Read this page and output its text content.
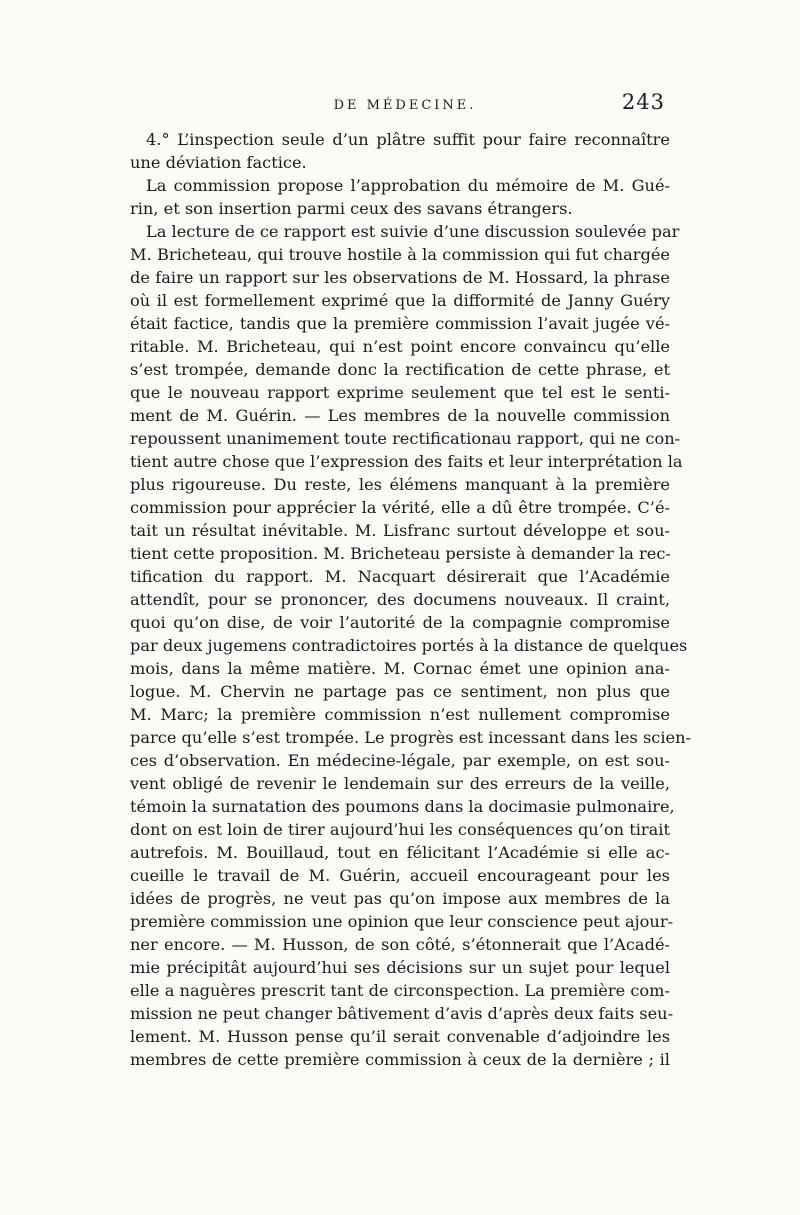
DE MÉDECINE.	243
4.° L’inspection seule d’un plâtre suffit pour faire reconnaître
une déviation factice.
La commission propose l’approbation du mémoire de M. Gué-
rin, et son insertion parmi ceux des savans étrangers.
La lecture de ce rapport est suivie d’une discussion soulevée par
M. Bricheteau, qui trouve hostile à la commission qui fut chargée
de faire un rapport sur les observations de M. Hossard, la phrase
où il est formellement exprimé que la difformité de Janny Guéry
était factice, tandis que la première commission l’avait jugée vé-
ritable. M. Bricheteau, qui n’est point encore convaincu qu’elle
s’est trompée, demande donc la rectification de cette phrase, et
que le nouveau rapport exprime seulement que tel est le senti-
ment de M. Guérin. — Les membres de la nouvelle commission
repoussent unanimement toute rectificationau rapport, qui ne con-
tient autre chose que l’expression des faits et leur interprétation la
plus rigoureuse. Du reste, les élémens manquant à la première
commission pour apprécier la vérité, elle a dû être trompée. C’é-
tait un résultat inévitable. M. Lisfranc surtout développe et sou-
tient cette proposition. M. Bricheteau persiste à demander la rec-
tification du rapport. M. Nacquart désirerait que l’Académie
attendît, pour se prononcer, des documens nouveaux. Il craint,
quoi qu’on dise, de voir l’autorité de la compagnie compromise
par deux jugemens contradictoires portés à la distance de quelques
mois, dans la même matière. M. Cornac émet une opinion ana-
logue. M. Chervin ne partage pas ce sentiment, non plus que
M. Marc; la première commission n’est nullement compromise
parce qu’elle s’est trompée. Le progrès est incessant dans les scien-
ces d’observation. En médecine-légale, par exemple, on est sou-
vent obligé de revenir le lendemain sur des erreurs de la veille,
témoin la surnatation des poumons dans la docimasie pulmonaire,
dont on est loin de tirer aujourd’hui les conséquences qu’on tirait
autrefois. M. Bouillaud, tout en félicitant l’Académie si elle ac-
cueille le travail de M. Guérin, accueil encourageant pour les
idées de progrès, ne veut pas qu’on impose aux membres de la
première commission une opinion que leur conscience peut ajour-
ner encore. — M. Husson, de son côté, s’étonnerait que l’Acadé-
mie précipitât aujourd’hui ses décisions sur un sujet pour lequel
elle a naguères prescrit tant de circonspection. La première com-
mission ne peut changer bâtivement d’avis d’après deux faits seu-
lement. M. Husson pense qu’il serait convenable d’adjoindre les
membres de cette première commission à ceux de la dernière ; il
